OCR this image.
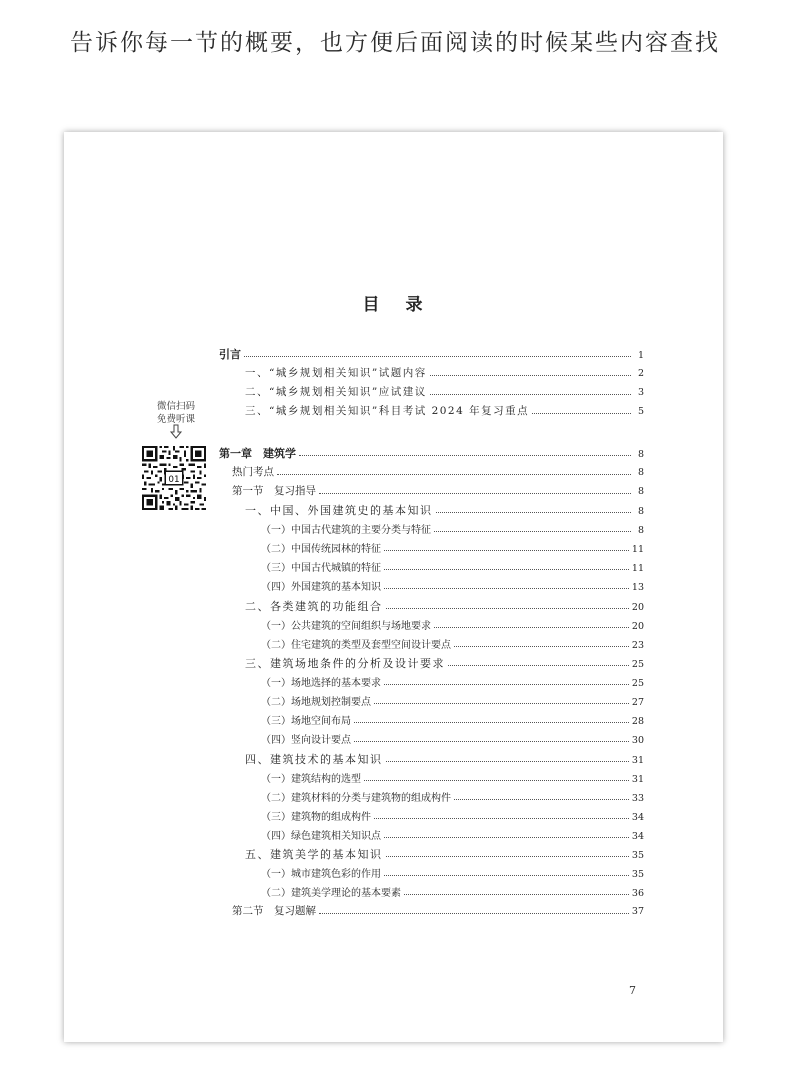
告诉你每一节的概要，也方便后面阅读的时候某些内容查找
目 录
微信扫码
免费听课
01
引言	1
一、“城乡规划相关知识”试题内容	2
二、“城乡规划相关知识”应试建议	3
三、“城乡规划相关知识”科目考试 2024 年复习重点	5
第一章　建筑学	8
热门考点	8
第一节　复习指导	8
一、中国、外国建筑史的基本知识	8
（一）中国古代建筑的主要分类与特征	8
（二）中国传统园林的特征	11
（三）中国古代城镇的特征	11
（四）外国建筑的基本知识	13
二、各类建筑的功能组合	20
（一）公共建筑的空间组织与场地要求	20
（二）住宅建筑的类型及套型空间设计要点	23
三、建筑场地条件的分析及设计要求	25
（一）场地选择的基本要求	25
（二）场地规划控制要点	27
（三）场地空间布局	28
（四）竖向设计要点	30
四、建筑技术的基本知识	31
（一）建筑结构的选型	31
（二）建筑材料的分类与建筑物的组成构件	33
（三）建筑物的组成构件	34
（四）绿色建筑相关知识点	34
五、建筑美学的基本知识	35
（一）城市建筑色彩的作用	35
（二）建筑美学理论的基本要素	36
第二节　复习题解	37
7
